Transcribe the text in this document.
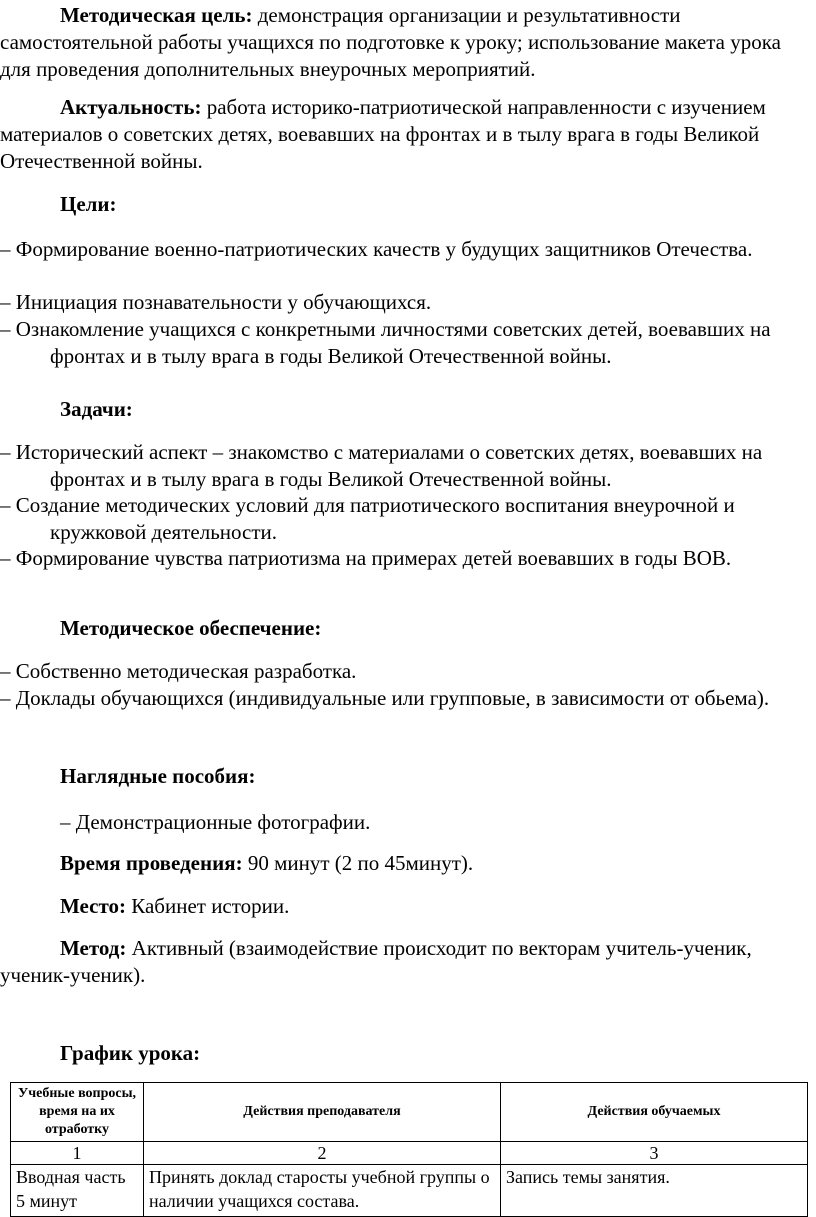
Методическая цель: демонстрация организации и результативности самостоятельной работы учащихся по подготовке к уроку; использование макета урока для проведения дополнительных внеурочных мероприятий.

Актуальность: работа историко-патриотической направленности с изучением материалов о советских детях, воевавших на фронтах и в тылу врага в годы Великой Отечественной войны.

Цели:
– Формирование военно-патриотических качеств у будущих защитников Отечества.
– Инициация познавательности у обучающихся.
– Ознакомление учащихся с конкретными личностями советских детей, воевавших на фронтах и в тылу врага в годы Великой Отечественной войны.
Задачи:
– Исторический аспект – знакомство с материалами о советских детях, воевавших на фронтах и в тылу врага в годы Великой Отечественной войны.
– Создание методических условий для патриотического воспитания внеурочной и кружковой деятельности.
– Формирование чувства патриотизма на примерах детей воевавших в годы ВОВ.
Методическое обеспечение:
– Собственно методическая разработка.
– Доклады обучающихся (индивидуальные или групповые, в зависимости от обьема).
Наглядные пособия:
– Демонстрационные фотографии.

Время проведения: 90 минут (2 по 45минут).

Место: Кабинет истории.

Метод: Активный (взаимодействие происходит по векторам учитель-ученик, ученик-ученик).

График урока:
Учебные вопросы, время на их отработку	Действия преподавателя	Действия обучаемых
1	2	3
Вводная часть 5 минут	Принять доклад старосты учебной группы о наличии учащихся состава.	Запись темы занятия.
